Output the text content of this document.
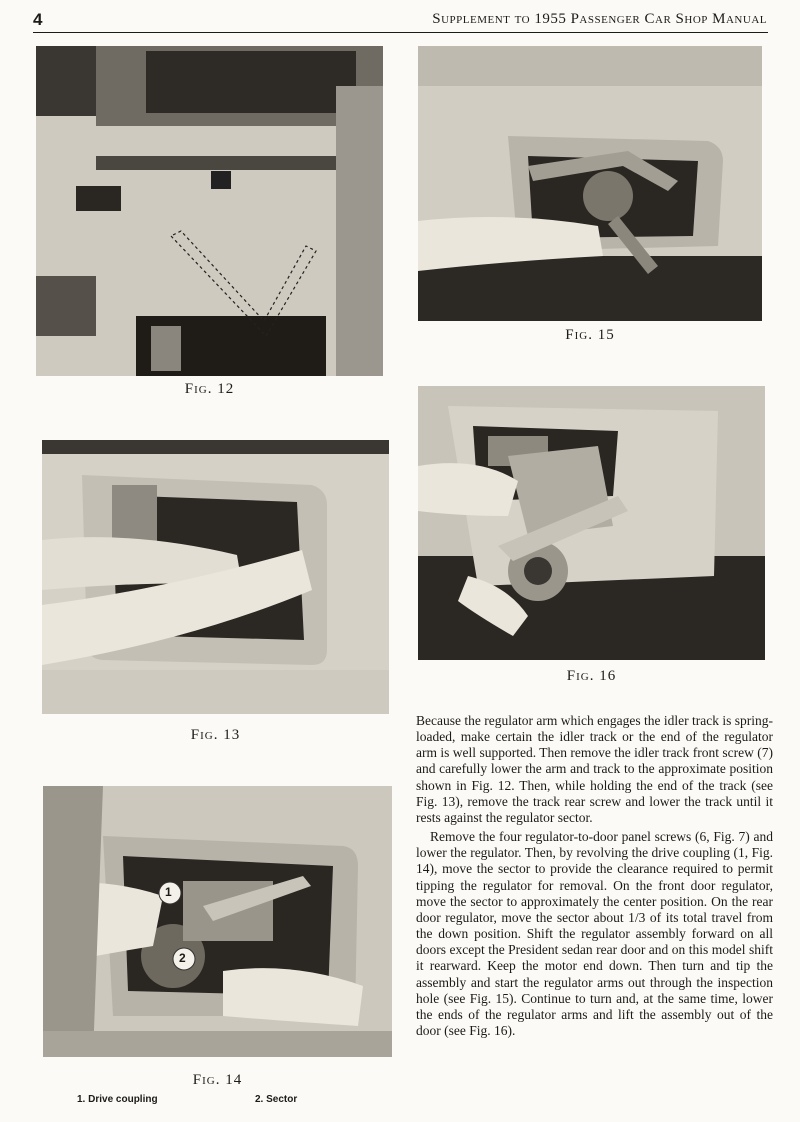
4	Supplement to 1955 Passenger Car Shop Manual
Fig. 12
Fig. 13
1
2
Fig. 14
1. Drive coupling	2. Sector
Fig. 15
Fig. 16

Because the regulator arm which engages the idler track is spring-loaded, make certain the idler track or the end of the regulator arm is well supported. Then remove the idler track front screw (7) and carefully lower the arm and track to the approximate position shown in Fig. 12. Then, while holding the end of the track (see Fig. 13), remove the track rear screw and lower the track until it rests against the regulator sector.

Remove the four regulator-to-door panel screws (6, Fig. 7) and lower the regulator. Then, by revolving the drive coupling (1, Fig. 14), move the sector to provide the clearance required to permit tipping the regulator for removal. On the front door regulator, move the sector to approximately the center position. On the rear door regulator, move the sector about 1/3 of its total travel from the down position. Shift the regulator assembly forward on all doors except the President sedan rear door and on this model shift it rearward. Keep the motor end down. Then turn and tip the assembly and start the regulator arms out through the inspection hole (see Fig. 15). Continue to turn and, at the same time, lower the ends of the regulator arms and lift the assembly out of the door (see Fig. 16).
